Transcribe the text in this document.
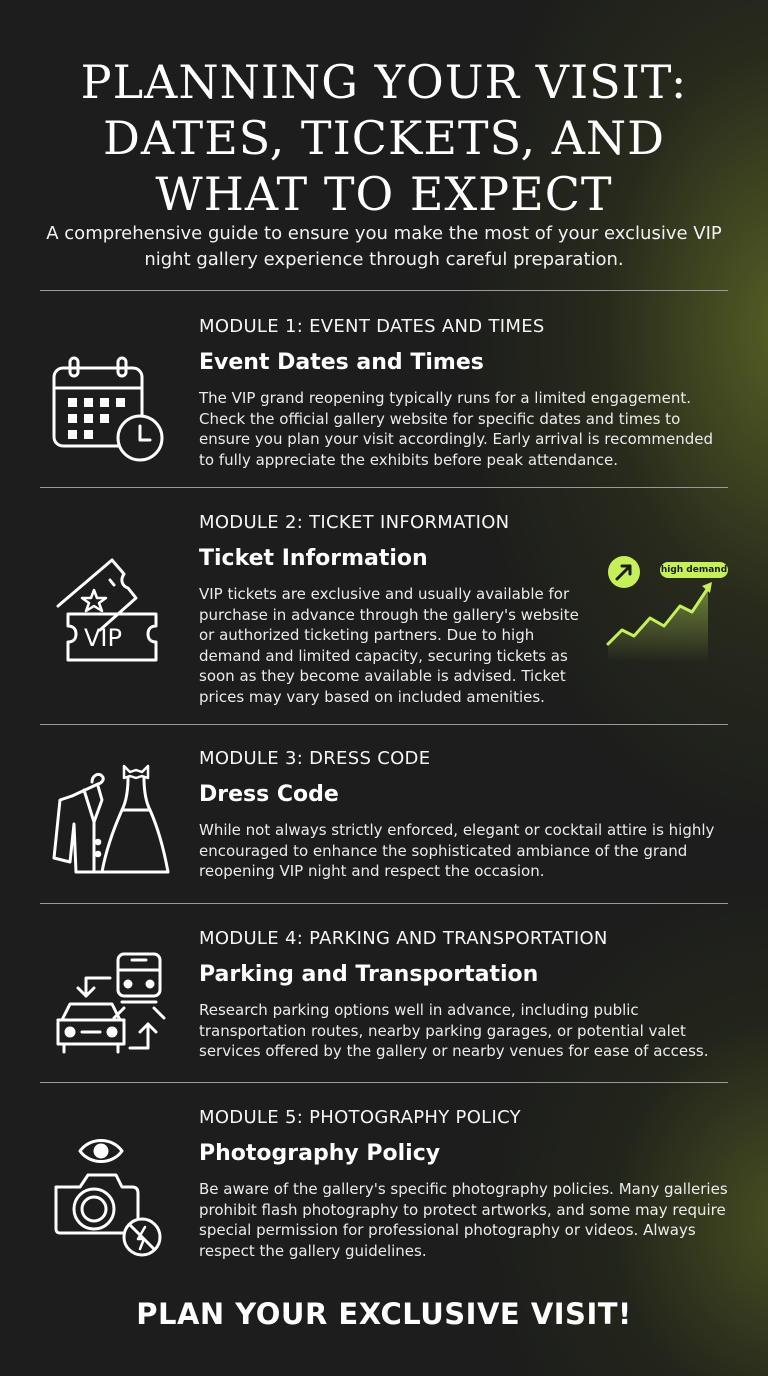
PLANNING YOUR VISIT:
DATES, TICKETS, AND
WHAT TO EXPECT

A comprehensive guide to ensure you make the most of your exclusive VIP night gallery experience through careful preparation.

MODULE 1: EVENT DATES AND TIMES
Event Dates and Times

The VIP grand reopening typically runs for a limited engagement. Check the official gallery website for specific dates and times to ensure you plan your visit accordingly. Early arrival is recommended to fully appreciate the exhibits before peak attendance.

VIP
MODULE 2: TICKET INFORMATION
Ticket Information

VIP tickets are exclusive and usually available for purchase in advance through the gallery's website or authorized ticketing partners. Due to high demand and limited capacity, securing tickets as soon as they become available is advised. Ticket prices may vary based on included amenities.

high demand
MODULE 3: DRESS CODE
Dress Code

While not always strictly enforced, elegant or cocktail attire is highly encouraged to enhance the sophisticated ambiance of the grand reopening VIP night and respect the occasion.

MODULE 4: PARKING AND TRANSPORTATION
Parking and Transportation

Research parking options well in advance, including public transportation routes, nearby parking garages, or potential valet services offered by the gallery or nearby venues for ease of access.

MODULE 5: PHOTOGRAPHY POLICY
Photography Policy

Be aware of the gallery's specific photography policies. Many galleries prohibit flash photography to protect artworks, and some may require special permission for professional photography or videos. Always respect the gallery guidelines.

PLAN YOUR EXCLUSIVE VISIT!
